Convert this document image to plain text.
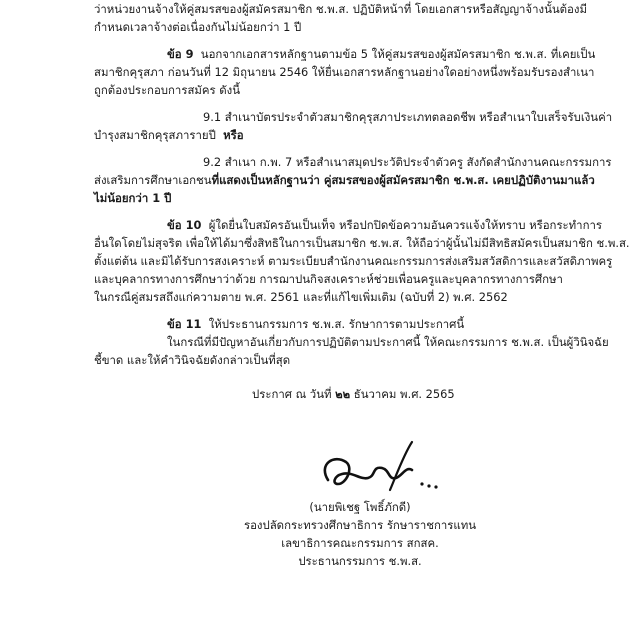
ว่าหน่วยงานจ้างให้คู่สมรสของผู้สมัครสมาชิก ช.พ.ส. ปฏิบัติหน้าที่ โดยเอกสารหรือสัญญาจ้างนั้นต้องมี
กำหนดเวลาจ้างต่อเนื่องกันไม่น้อยกว่า 1 ปี
ข้อ 9 นอกจากเอกสารหลักฐานตามข้อ 5 ให้คู่สมรสของผู้สมัครสมาชิก ช.พ.ส. ที่เคยเป็น
สมาชิกคุรุสภา ก่อนวันที่ 12 มิถุนายน 2546 ให้ยื่นเอกสารหลักฐานอย่างใดอย่างหนึ่งพร้อมรับรองสำเนา
ถูกต้องประกอบการสมัคร ดังนี้
9.1 สำเนาบัตรประจำตัวสมาชิกคุรุสภาประเภทตลอดชีพ หรือสำเนาใบเสร็จรับเงินค่า
บำรุงสมาชิกคุรุสภารายปี หรือ
9.2 สำเนา ก.พ. 7 หรือสำเนาสมุดประวัติประจำตัวครู สังกัดสำนักงานคณะกรรมการ
ส่งเสริมการศึกษาเอกชนที่แสดงเป็นหลักฐานว่า คู่สมรสของผู้สมัครสมาชิก ช.พ.ส. เคยปฏิบัติงานมาแล้ว
ไม่น้อยกว่า 1 ปี
ข้อ 10 ผู้ใดยื่นใบสมัครอันเป็นเท็จ หรือปกปิดข้อความอันควรแจ้งให้ทราบ หรือกระทำการ
อื่นใดโดยไม่สุจริต เพื่อให้ได้มาซึ่งสิทธิในการเป็นสมาชิก ช.พ.ส. ให้ถือว่าผู้นั้นไม่มีสิทธิสมัครเป็นสมาชิก ช.พ.ส.
ตั้งแต่ต้น และมิได้รับการสงเคราะห์ ตามระเบียบสำนักงานคณะกรรมการส่งเสริมสวัสดิการและสวัสดิภาพครู
และบุคลากรทางการศึกษาว่าด้วย การฌาปนกิจสงเคราะห์ช่วยเพื่อนครูและบุคลากรทางการศึกษา
ในกรณีคู่สมรสถึงแก่ความตาย พ.ศ. 2561 และที่แก้ไขเพิ่มเติม (ฉบับที่ 2) พ.ศ. 2562
ข้อ 11 ให้ประธานกรรมการ ช.พ.ส. รักษาการตามประกาศนี้
ในกรณีที่มีปัญหาอันเกี่ยวกับการปฏิบัติตามประกาศนี้ ให้คณะกรรมการ ช.พ.ส. เป็นผู้วินิจฉัย
ชี้ขาด และให้คำวินิจฉัยดังกล่าวเป็นที่สุด
ประกาศ ณ วันที่ ๒๒ ธันวาคม พ.ศ. 2565
(นายพิเชฐ โพธิ์ภักดี)
รองปลัดกระทรวงศึกษาธิการ รักษาราชการแทน
เลขาธิการคณะกรรมการ สกสค.
ประธานกรรมการ ช.พ.ส.
